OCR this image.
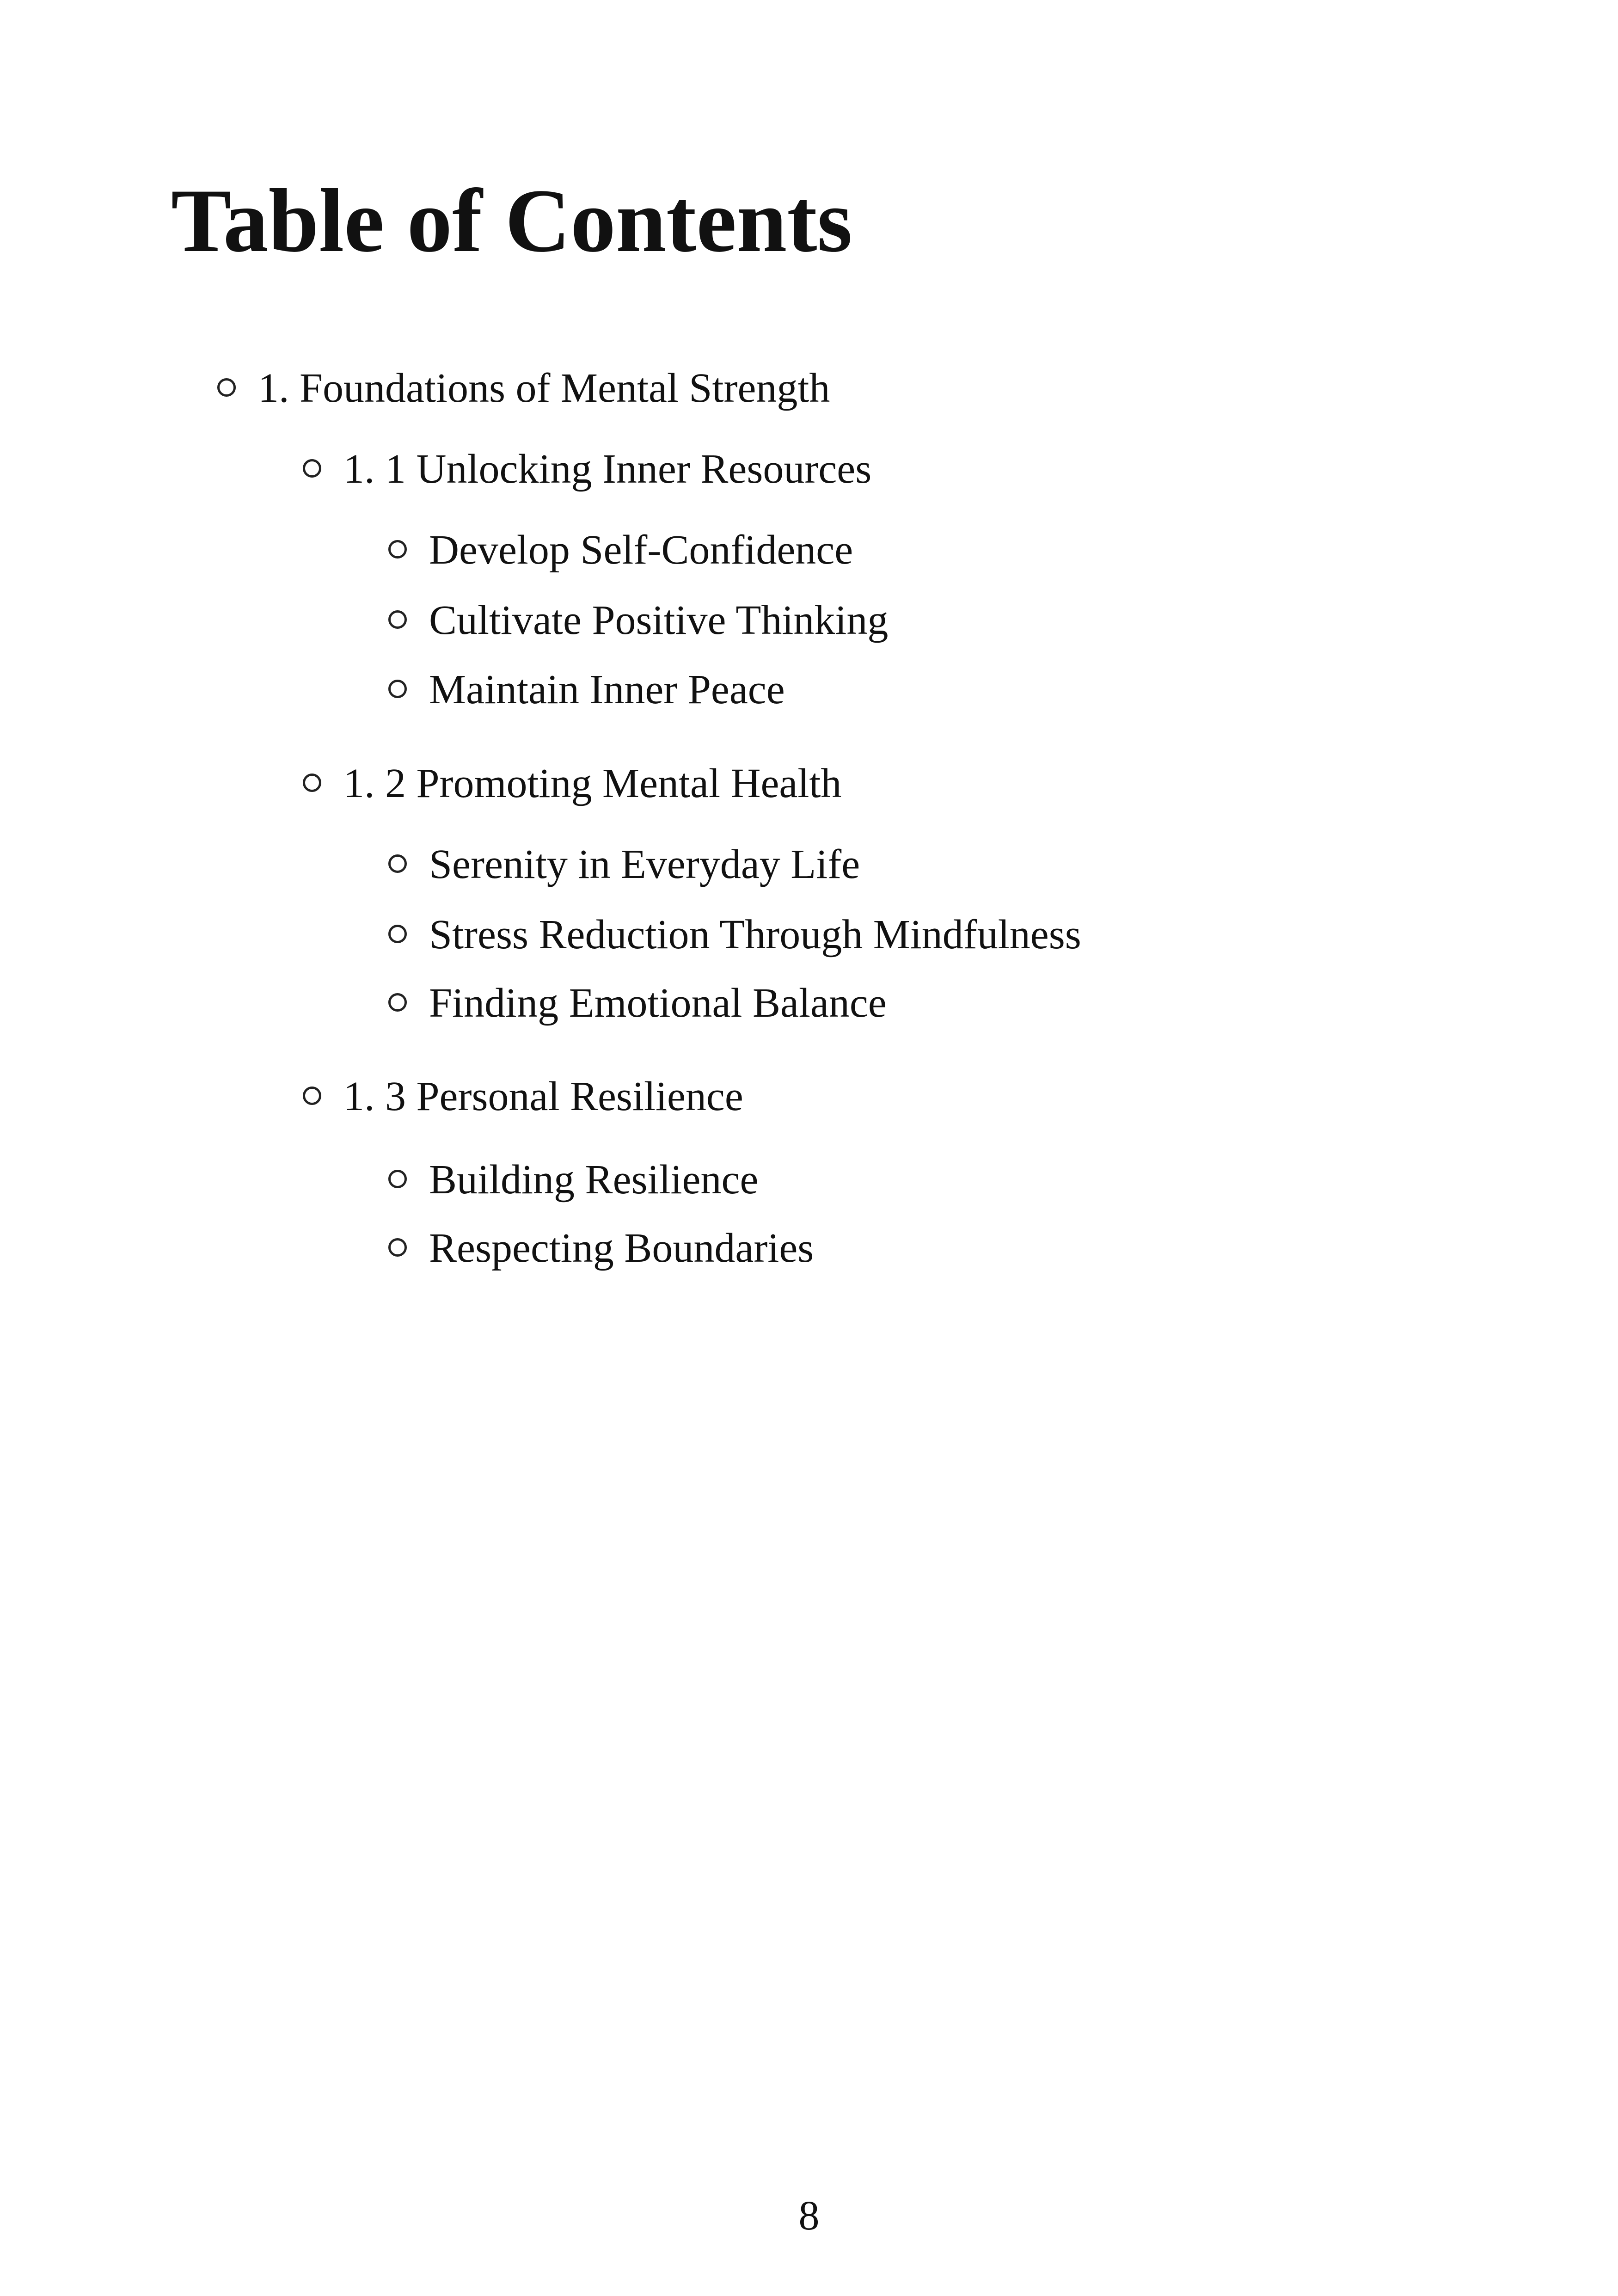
Table of Contents
1. Foundations of Mental Strength
1. 1 Unlocking Inner Resources
Develop Self-Confidence
Cultivate Positive Thinking
Maintain Inner Peace
1. 2 Promoting Mental Health
Serenity in Everyday Life
Stress Reduction Through Mindfulness
Finding Emotional Balance
1. 3 Personal Resilience
Building Resilience
Respecting Boundaries
8
